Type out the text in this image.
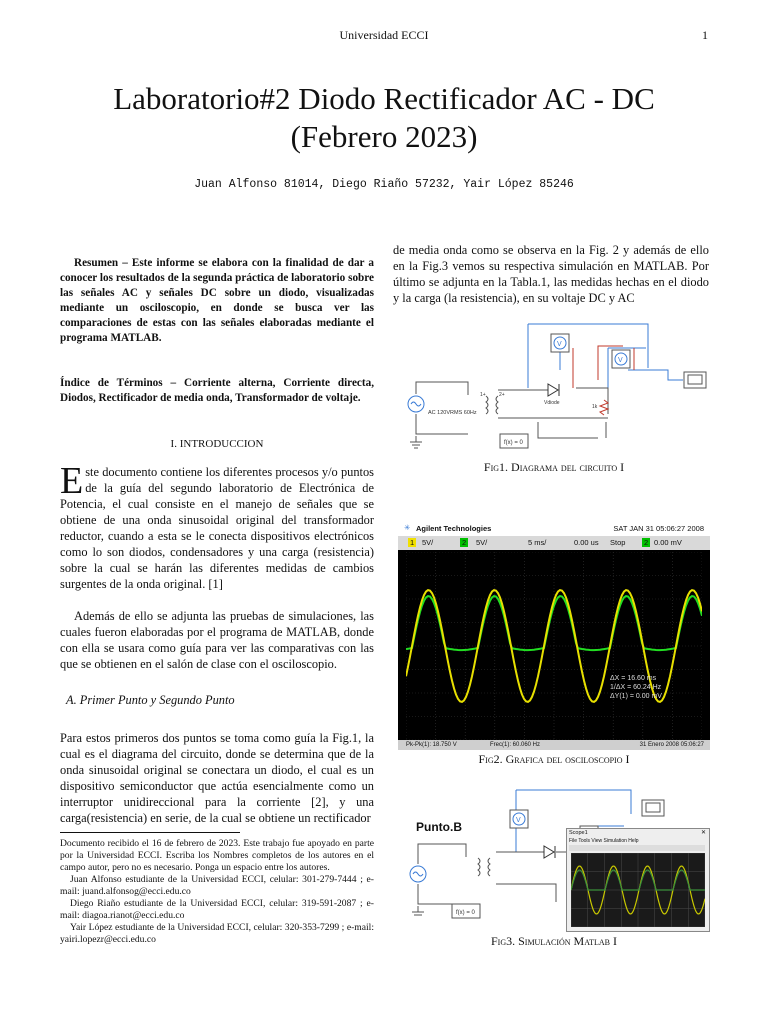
Universidad ECCI	1
Laboratorio#2 Diodo Rectificador AC - DC
(Febrero 2023)
Juan Alfonso 81014, Diego Riaño 57232, Yair López 85246

Resumen – Este informe se elabora con la finalidad de dar a conocer los resultados de la segunda práctica de laboratorio sobre las señales AC y señales DC sobre un diodo, visualizadas mediante un osciloscopio, en donde se busca ver las comparaciones de estas con las señales elaboradas mediante el programa MATLAB.

Índice de Términos – Corriente alterna, Corriente directa, Diodos, Rectificador de media onda, Transformador de voltaje.

I. INTRODUCCION

Este documento contiene los diferentes procesos y/o puntos de la guía del segundo laboratorio de Electrónica de Potencia, el cual consiste en el manejo de señales que se obtiene de una onda sinusoidal original del transformador reductor, cuando a esta se le conecta dispositivos electrónicos como lo son diodos, condensadores y una carga (resistencia) sobre la cual se harán las diferentes medidas de cambios surgentes de la onda original. [1]

Además de ello se adjunta las pruebas de simulaciones, las cuales fueron elaboradas por el programa de MATLAB, donde con ella se usara como guía para ver las comparativas con las que se obtienen en el salón de clase con el osciloscopio.

A. Primer Punto y Segundo Punto

Para estos primeros dos puntos se toma como guía la Fig.1, la cual es el diagrama del circuito, donde se determina que de la onda sinusoidal original se conectara un diodo, el cual es un dispositivo semiconductor que actúa esencialmente como un interruptor unidireccional para la corriente [2], y una carga(resistencia) en serie, de la cual se obtiene un rectificador

Documento recibido el 16 de febrero de 2023. Este trabajo fue apoyado en parte por la Universidad ECCI. Escriba los Nombres completos de los autores en el campo autor, pero no es necesario. Ponga un espacio entre los autores.

Juan Alfonso estudiante de la Universidad ECCI, celular: 301-279-7444 ; e-mail: juand.alfonsog@ecci.edu.co

Diego Riaño estudiante de la Universidad ECCI, celular: 319-591-2087 ; e-mail: diagoa.rianot@ecci.edu.co

Yair López estudiante de la Universidad ECCI, celular: 320-353-7299 ; e-mail: yairi.lopezr@ecci.edu.co

de media onda como se observa en la Fig. 2 y además de ello en la Fig.3 vemos su respectiva simulación en MATLAB. Por último se adjunta en la Tabla.1, las medidas hechas en el diodo y la carga (la resistencia), en su voltaje DC y AC
V
V
AC 120VRMS 60Hz
1+	2+
Vdiode
1k
f(x) = 0
Fig1. Diagrama del circuito I
✳ Agilent Technologies	SAT JAN 31 05:06:27 2008
1 5V/	2 5V/	5 ms/	0.00 us Stop 2 0.00 mV
ΔX = 16.60 ms
1/ΔX = 60.24 Hz
ΔY(1) = 0.00 mV
Pk-Pk(1): 18.750 V	Frec(1): 60.060 Hz	31 Enero 2008 05:06:27
Fig2. Grafica del osciloscopio I
Punto.B	V
f(x) = 0
Scope1	✕
File Tools View Simulation Help
Fig3. Simulación Matlab I
